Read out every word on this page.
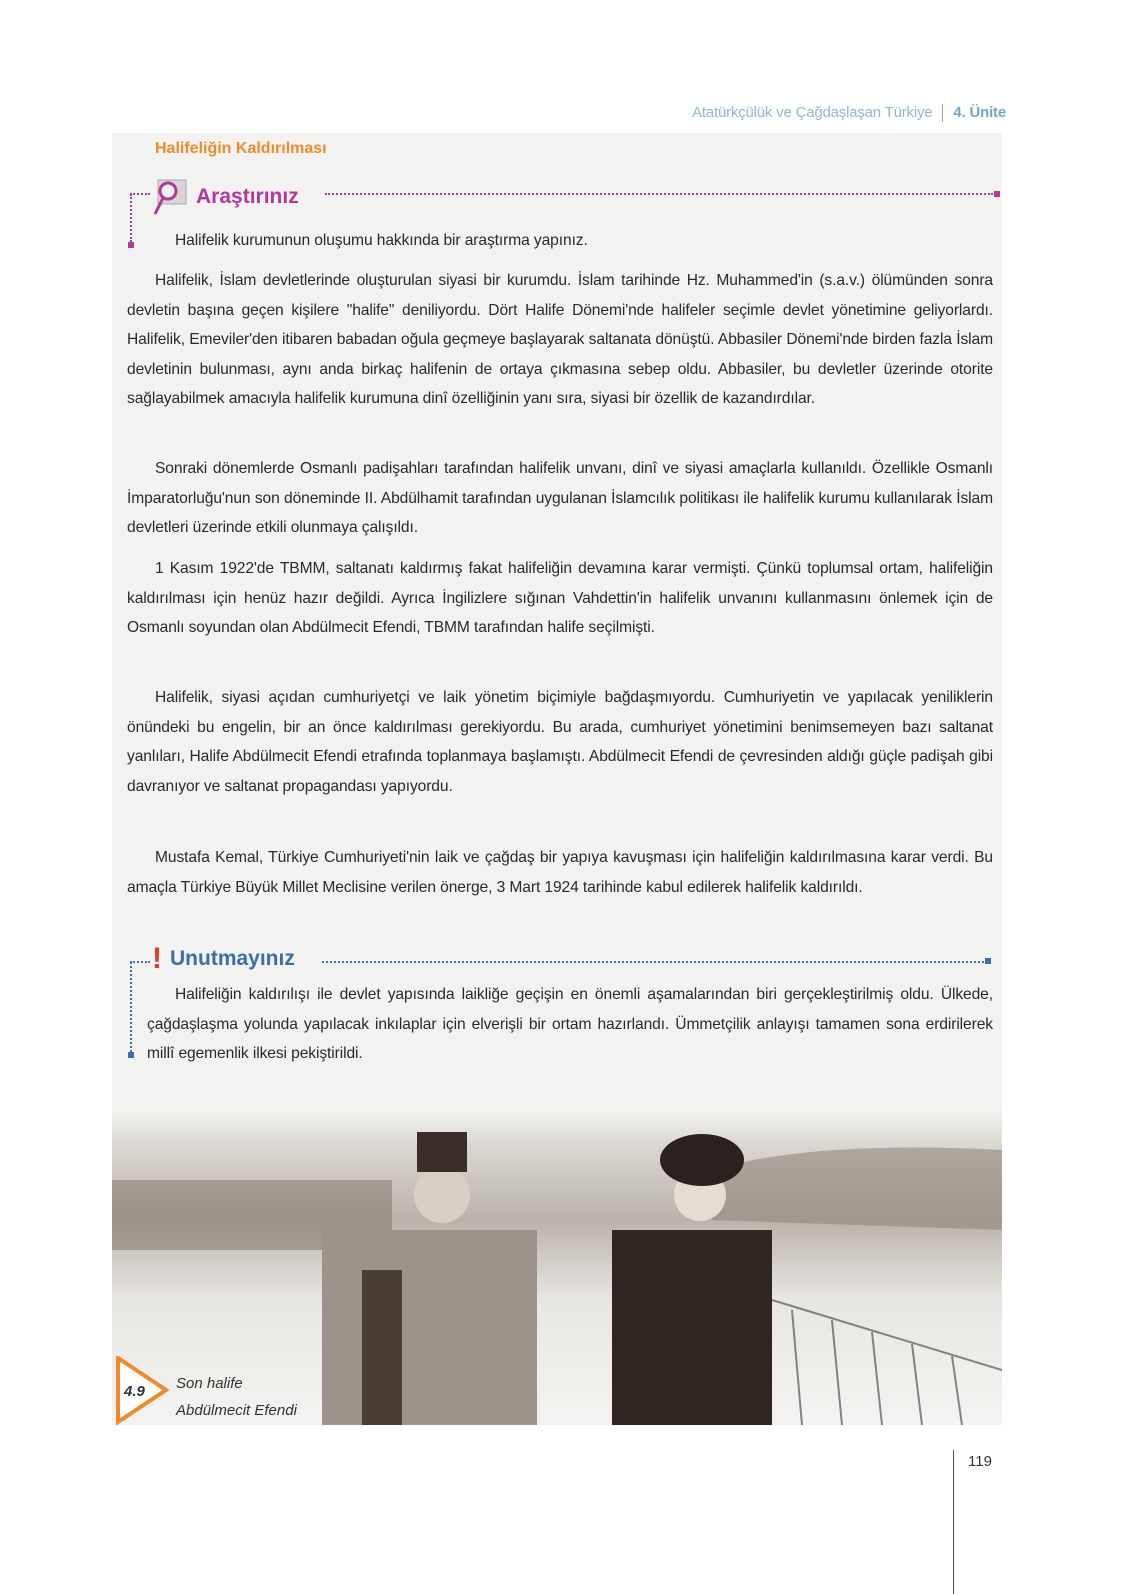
Atatürkçülük ve Çağdaşlaşan Türkiye 4. Ünite
Halifeliğin Kaldırılması
Araştırınız

Halifelik kurumunun oluşumu hakkında bir araştırma yapınız.

Halifelik, İslam devletlerinde oluşturulan siyasi bir kurumdu. İslam tarihinde Hz. Muhammed'in (s.a.v.) ölümünden sonra devletin başına geçen kişilere "halife" deniliyordu. Dört Halife Dönemi'nde halifeler seçimle devlet yönetimine geliyorlardı. Halifelik, Emeviler'den itibaren babadan oğula geçmeye başlayarak saltanata dönüştü. Abbasiler Dönemi'nde birden fazla İslam devletinin bulunması, aynı anda birkaç halifenin de ortaya çıkmasına sebep oldu. Abbasiler, bu devletler üzerinde otorite sağlayabilmek amacıyla halifelik kurumuna dinî özelliğinin yanı sıra, siyasi bir özellik de kazandırdılar.

Sonraki dönemlerde Osmanlı padişahları tarafından halifelik unvanı, dinî ve siyasi amaçlarla kullanıldı. Özellikle Osmanlı İmparatorluğu'nun son döneminde II. Abdülhamit tarafından uygulanan İslamcılık politikası ile halifelik kurumu kullanılarak İslam devletleri üzerinde etkili olunmaya çalışıldı.

1 Kasım 1922'de TBMM, saltanatı kaldırmış fakat halifeliğin devamına karar vermişti. Çünkü toplumsal ortam, halifeliğin kaldırılması için henüz hazır değildi. Ayrıca İngilizlere sığınan Vahdettin'in halifelik unvanını kullanmasını önlemek için de Osmanlı soyundan olan Abdülmecit Efendi, TBMM tarafından halife seçilmişti.

Halifelik, siyasi açıdan cumhuriyetçi ve laik yönetim biçimiyle bağdaşmıyordu. Cumhuriyetin ve yapılacak yeniliklerin önündeki bu engelin, bir an önce kaldırılması gerekiyordu. Bu arada, cumhuriyet yönetimini benimsemeyen bazı saltanat yanlıları, Halife Abdülmecit Efendi etrafında toplanmaya başlamıştı. Abdülmecit Efendi de çevresinden aldığı güçle padişah gibi davranıyor ve saltanat propagandası yapıyordu.

Mustafa Kemal, Türkiye Cumhuriyeti'nin laik ve çağdaş bir yapıya kavuşması için halifeliğin kaldırılmasına karar verdi. Bu amaçla Türkiye Büyük Millet Meclisine verilen önerge, 3 Mart 1924 tarihinde kabul edilerek halifelik kaldırıldı.

! Unutmayınız

Halifeliğin kaldırılışı ile devlet yapısında laikliğe geçişin en önemli aşamalarından biri gerçekleştirilmiş oldu. Ülkede, çağdaşlaşma yolunda yapılacak inkılaplar için elverişli bir ortam hazırlandı. Ümmetçilik anlayışı tamamen sona erdirilerek millî egemenlik ilkesi pekiştirildi.

4.9 Son halife
Abdülmecit Efendi
119
